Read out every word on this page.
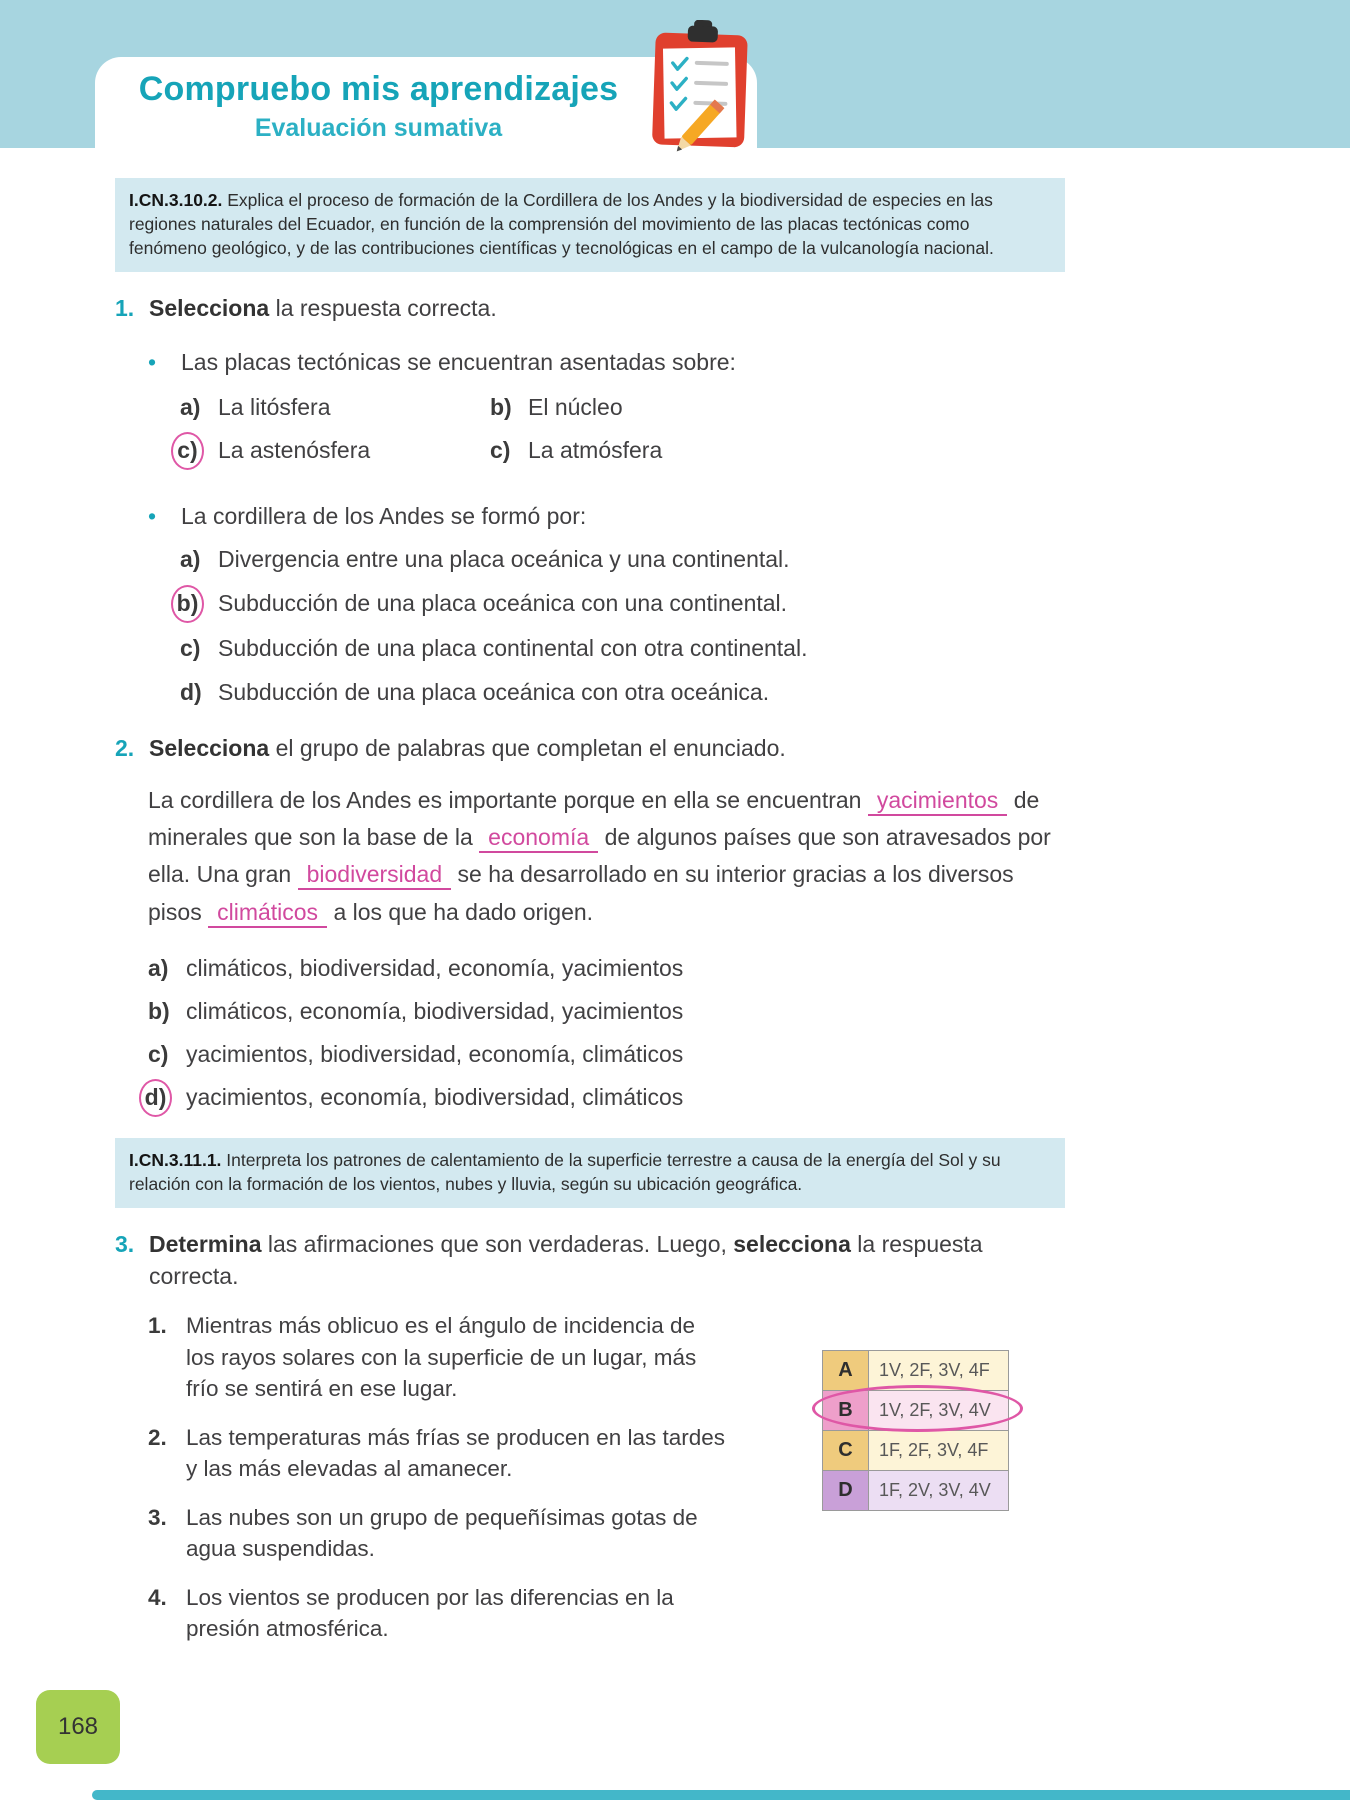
Compruebo mis aprendizajes
Evaluación sumativa
I.CN.3.10.2. Explica el proceso de formación de la Cordillera de los Andes y la biodiversidad de especies en las regiones naturales del Ecuador, en función de la comprensión del movimiento de las placas tectónicas como fenómeno geológico, y de las contribuciones científicas y tecnológicas en el campo de la vulcanología nacional.
1. Selecciona la respuesta correcta.
•	Las placas tectónicas se encuentran asentadas sobre:
a) La litósfera	b) El núcleo
c) La astenósfera	c) La atmósfera
•	La cordillera de los Andes se formó por:
a) Divergencia entre una placa oceánica y una continental.
b) Subducción de una placa oceánica con una continental.
c) Subducción de una placa continental con otra continental.
d) Subducción de una placa oceánica con otra oceánica.
2. Selecciona el grupo de palabras que completan el enunciado.

La cordillera de los Andes es importante porque en ella se encuentran yacimientos de minerales que son la base de la economía de algunos países que son atravesados por ella. Una gran biodiversidad se ha desarrollado en su interior gracias a los diversos pisos climáticos a los que ha dado origen.

a) climáticos, biodiversidad, economía, yacimientos
b) climáticos, economía, biodiversidad, yacimientos
c) yacimientos, biodiversidad, economía, climáticos
d) yacimientos, economía, biodiversidad, climáticos
I.CN.3.11.1. Interpreta los patrones de calentamiento de la superficie terrestre a causa de la energía del Sol y su relación con la formación de los vientos, nubes y lluvia, según su ubicación geográfica.
3. Determina las afirmaciones que son verdaderas. Luego, selecciona la respuesta correcta.
1. Mientras más oblicuo es el ángulo de incidencia de los rayos solares con la superficie de un lugar, más frío se sentirá en ese lugar.
2. Las temperaturas más frías se producen en las tardes y las más elevadas al amanecer.
3. Las nubes son un grupo de pequeñísimas gotas de agua suspendidas.
4. Los vientos se producen por las diferencias en la presión atmosférica.
A	1V, 2F, 3V, 4F
B	1V, 2F, 3V, 4V
C	1F, 2F, 3V, 4F
D	1F, 2V, 3V, 4V
168
